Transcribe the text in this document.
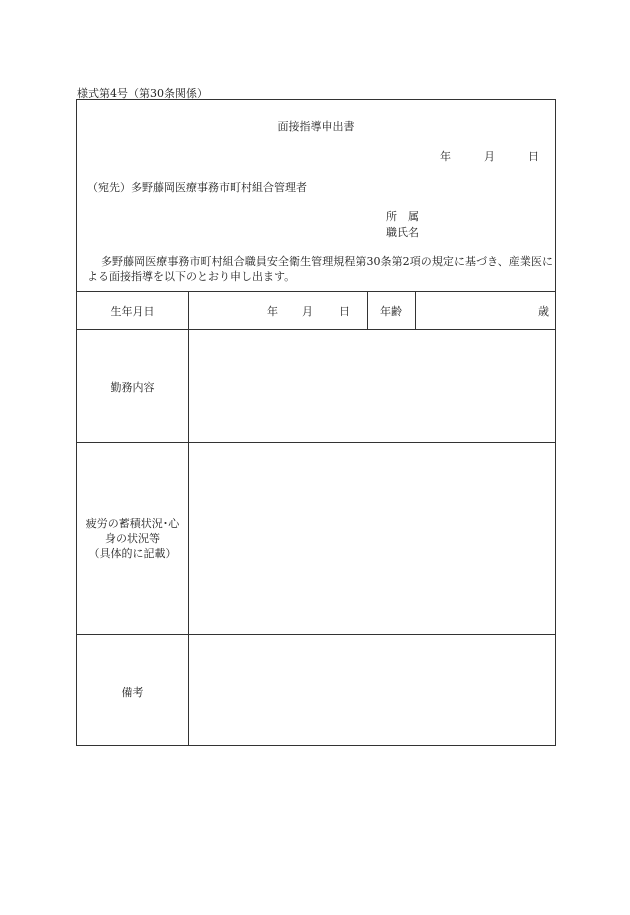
様式第4号（第30条関係）
面接指導申出書
年	月	日
（宛先）多野藤岡医療事務市町村組合管理者
所　属
職氏名
多野藤岡医療事務市町村組合職員安全衛生管理規程第30条第2項の規定に基づき、産業医による面接指導を以下のとおり申し出ます。
生年月日	年 月 日	年齢	歳
勤務内容
疲労の蓄積状況･心
身の状況等
（具体的に記載）
備考
